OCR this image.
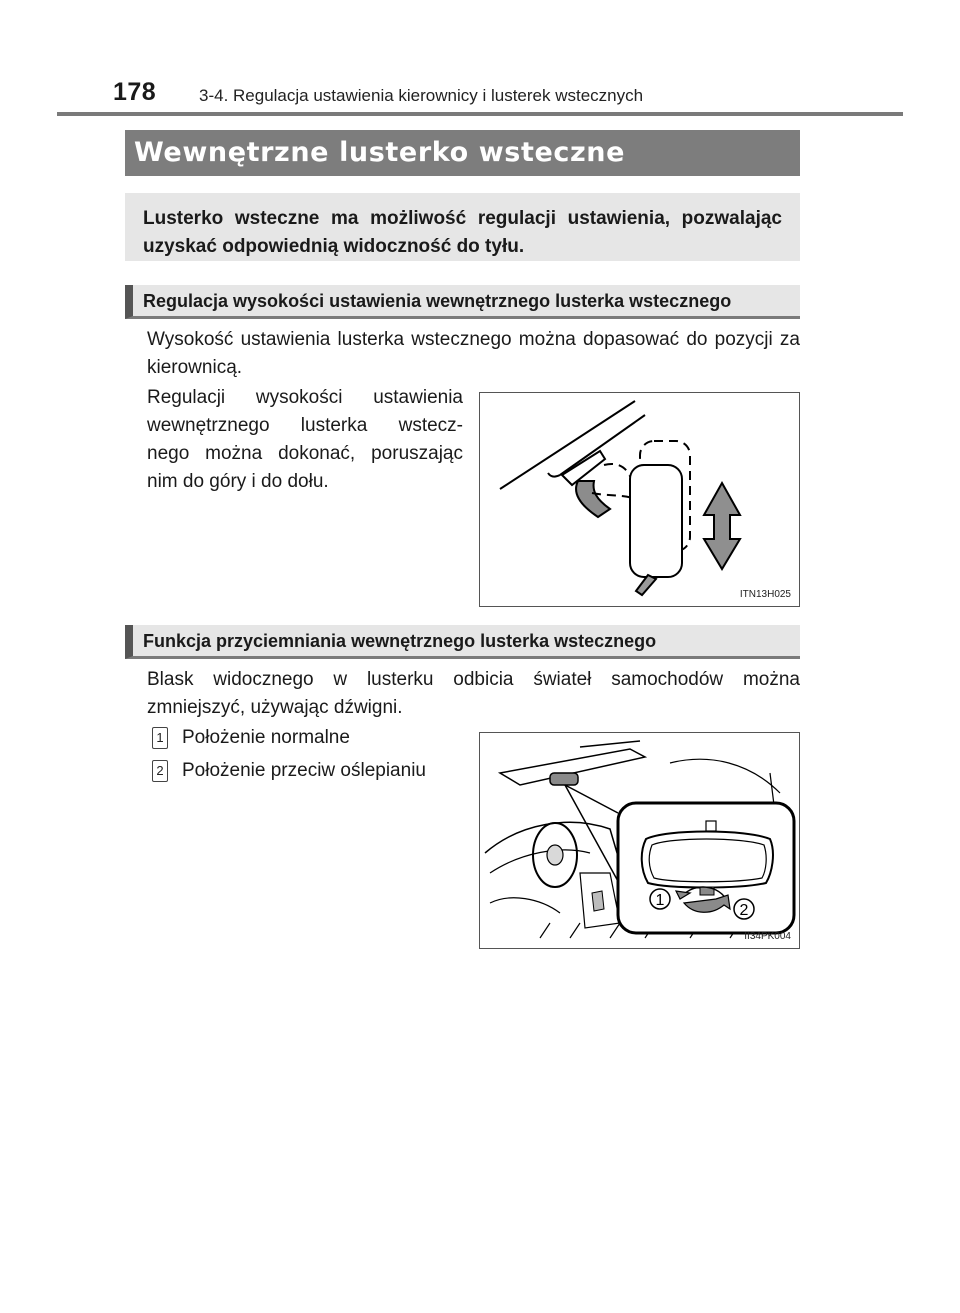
178	3-4. Regulacja ustawienia kierownicy i lusterek wstecznych
Wewnętrzne lusterko wsteczne
Lusterko wsteczne ma możliwość regulacji ustawienia, pozwalając uzyskać odpowiednią widoczność do tyłu.
Regulacja wysokości ustawienia wewnętrznego lusterka wstecznego
Wysokość ustawienia lusterka wstecznego można dopasować do pozycji za kierownicą.
Regulacji wysokości ustawienia
wewnętrznego lusterka wstecz-
nego można dokonać, poruszając
nim do góry i do dołu.
ITN13H025
Funkcja przyciemniania wewnętrznego lusterka wstecznego
Blask widocznego w lusterku odbicia świateł samochodów można zmniejszyć, używając dźwigni.
1 Położenie normalne
2 Położenie przeciw oślepianiu
1
2
II34PK004
